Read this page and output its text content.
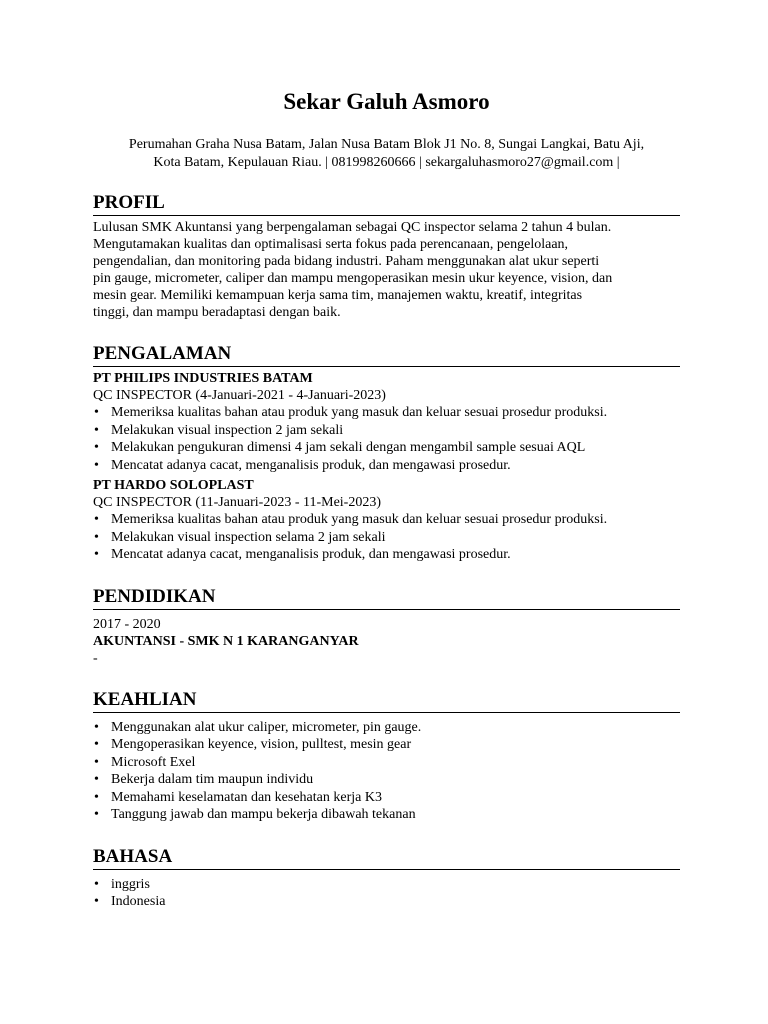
Sekar Galuh Asmoro
Perumahan Graha Nusa Batam, Jalan Nusa Batam Blok J1 No. 8, Sungai Langkai, Batu Aji,
Kota Batam, Kepulauan Riau. | 081998260666 | sekargaluhasmoro27@gmail.com |
PROFIL
Lulusan SMK Akuntansi yang berpengalaman sebagai QC inspector selama 2 tahun 4 bulan.
Mengutamakan kualitas dan optimalisasi serta fokus pada perencanaan, pengelolaan,
pengendalian, dan monitoring pada bidang industri. Paham menggunakan alat ukur seperti
pin gauge, micrometer, caliper dan mampu mengoperasikan mesin ukur keyence, vision, dan
mesin gear. Memiliki kemampuan kerja sama tim, manajemen waktu, kreatif, integritas
tinggi, dan mampu beradaptasi dengan baik.
PENGALAMAN
PT PHILIPS INDUSTRIES BATAM
QC INSPECTOR (4-Januari-2021 - 4-Januari-2023)
• Memeriksa kualitas bahan atau produk yang masuk dan keluar sesuai prosedur produksi.
• Melakukan visual inspection 2 jam sekali
• Melakukan pengukuran dimensi 4 jam sekali dengan mengambil sample sesuai AQL
• Mencatat adanya cacat, menganalisis produk, dan mengawasi prosedur.
PT HARDO SOLOPLAST
QC INSPECTOR (11-Januari-2023 - 11-Mei-2023)
• Memeriksa kualitas bahan atau produk yang masuk dan keluar sesuai prosedur produksi.
• Melakukan visual inspection selama 2 jam sekali
• Mencatat adanya cacat, menganalisis produk, dan mengawasi prosedur.
PENDIDIKAN
2017 - 2020
AKUNTANSI - SMK N 1 KARANGANYAR
-
KEAHLIAN
• Menggunakan alat ukur caliper, micrometer, pin gauge.
• Mengoperasikan keyence, vision, pulltest, mesin gear
• Microsoft Exel
• Bekerja dalam tim maupun individu
• Memahami keselamatan dan kesehatan kerja K3
• Tanggung jawab dan mampu bekerja dibawah tekanan
BAHASA
• inggris
• Indonesia
